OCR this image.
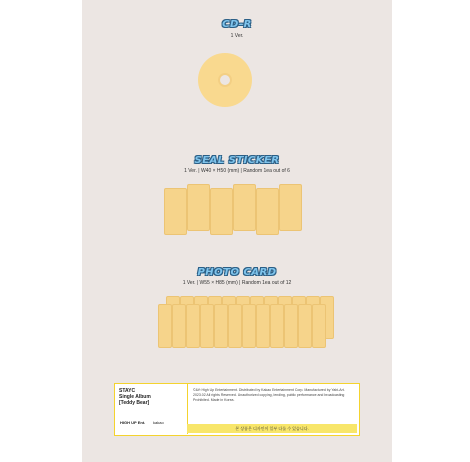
CD-R
1 Ver.
SEAL STICKER
1 Ver. | W40 × H50 (mm) | Random 1ea out of 6
PHOTO CARD
1 Ver. | W55 × H85 (mm) | Random 1ea out of 12
STAYC
Single Album
[Teddy Bear]
HIGH UP Ent. kakao
©&℗ High Up Entertainment. Distributed by Kakao Entertainment Corp. Manufactured by Yabi-Art. 2023.02 All rights Reserved. Unauthorized copying, lending, public performance and broadcasting Prohibited. Made in Korea.
본 상품은 디자인이 일부 다를 수 있습니다.
